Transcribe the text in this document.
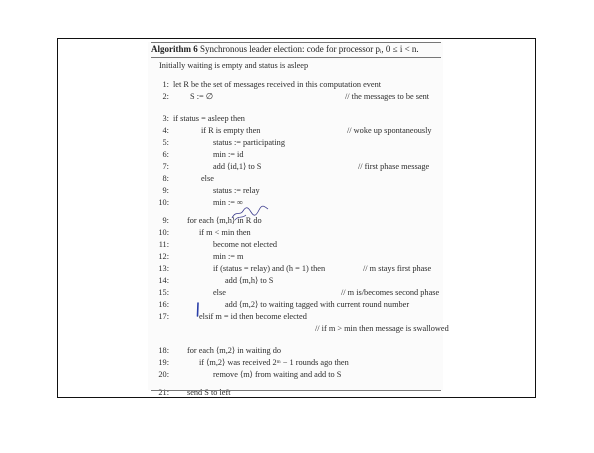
Algorithm 6 Synchronous leader election: code for processor pᵢ, 0 ≤ i < n.
Initially waiting is empty and status is asleep
1: let R be the set of messages received in this computation event
2:	S := ∅	// the messages to be sent
3: if status = asleep then
4:	if R is empty then	// woke up spontaneously
5:	status := participating
6:	min := id
7:	add ⟨id,1⟩ to S	// first phase message
8:	else
9:	status := relay
10:	min := ∞
9: for each ⟨m,h⟩ in R do
10:	if m < min then
11:	become not elected
12:	min := m
13:	if (status = relay) and (h = 1) then	// m stays first phase
14:	add ⟨m,h⟩ to S
15:	else	// m is/becomes second phase
16:	add ⟨m,2⟩ to waiting tagged with current round number
17:	elsif m = id then become elected
// if m > min then message is swallowed
18: for each ⟨m,2⟩ in waiting do
19:	if ⟨m,2⟩ was received 2ᵐ − 1 rounds ago then
20:	remove ⟨m⟩ from waiting and add to S
21: send S to left
